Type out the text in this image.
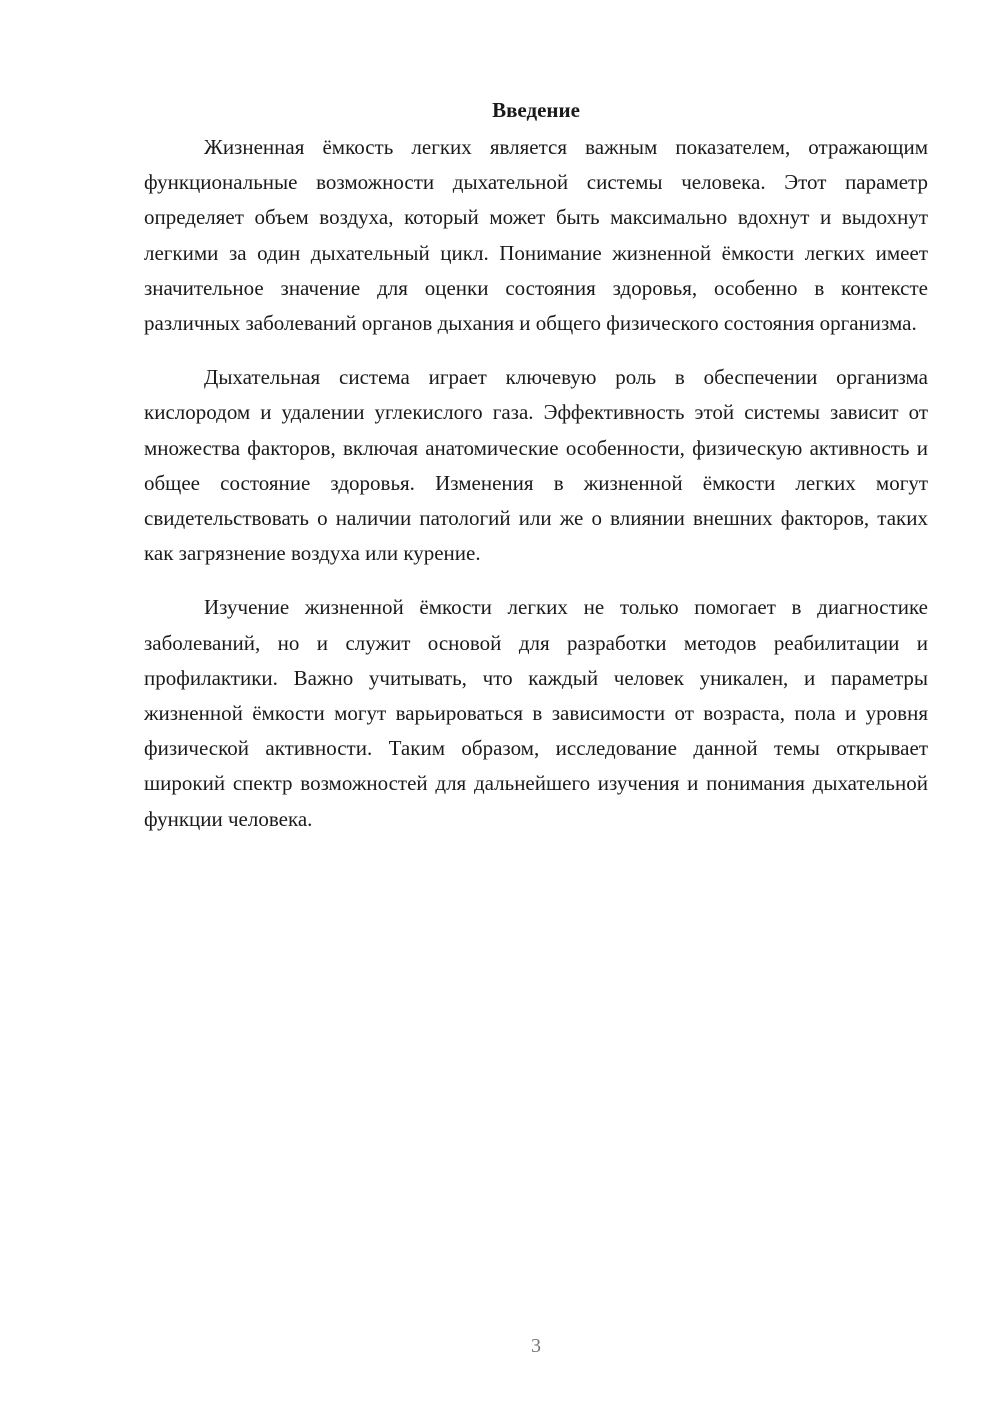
Введение

Жизненная ёмкость легких является важным показателем, отражающим функциональные возможности дыхательной системы человека. Этот параметр определяет объем воздуха, который может быть максимально вдохнут и выдохнут легкими за один дыхательный цикл. Понимание жизненной ёмкости легких имеет значительное значение для оценки состояния здоровья, особенно в контексте различных заболеваний органов дыхания и общего физического состояния организма.

Дыхательная система играет ключевую роль в обеспечении организма кислородом и удалении углекислого газа. Эффективность этой системы зависит от множества факторов, включая анатомические особенности, физическую активность и общее состояние здоровья. Изменения в жизненной ёмкости легких могут свидетельствовать о наличии патологий или же о влиянии внешних факторов, таких как загрязнение воздуха или курение.

Изучение жизненной ёмкости легких не только помогает в диагностике заболеваний, но и служит основой для разработки методов реабилитации и профилактики. Важно учитывать, что каждый человек уникален, и параметры жизненной ёмкости могут варьироваться в зависимости от возраста, пола и уровня физической активности. Таким образом, исследование данной темы открывает широкий спектр возможностей для дальнейшего изучения и понимания дыхательной функции человека.

3
